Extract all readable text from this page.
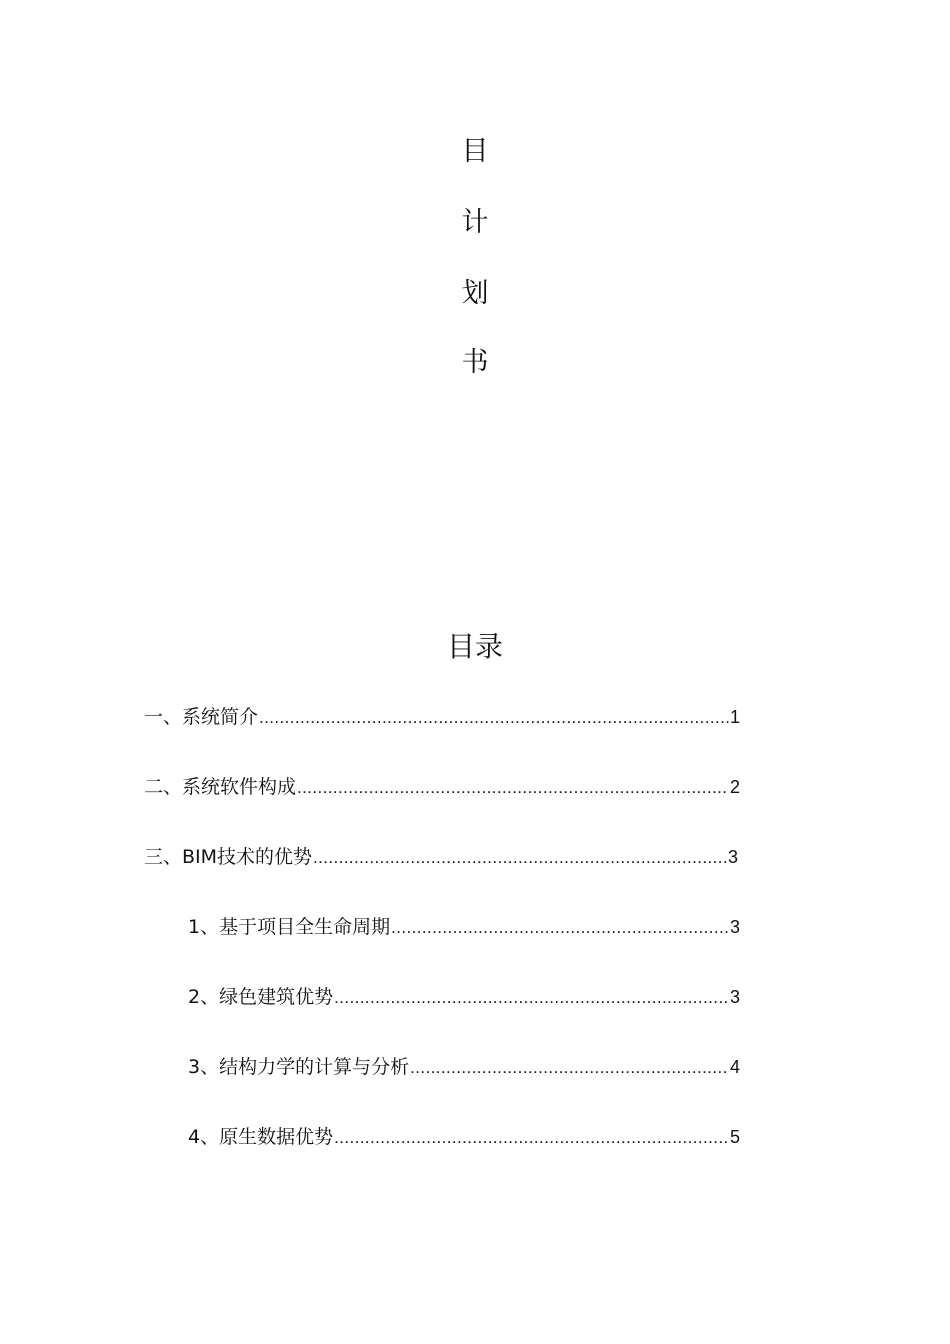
目
计
划
书
目录
一、系统简介 .....	1
二、系统软件构成 .....	2
三、BIM技术的优势 .....	3
1、基于项目全生命周期 .....	3
2、绿色建筑优势 .....	3
3、结构力学的计算与分析 .....	4
4、原生数据优势 .....	5
